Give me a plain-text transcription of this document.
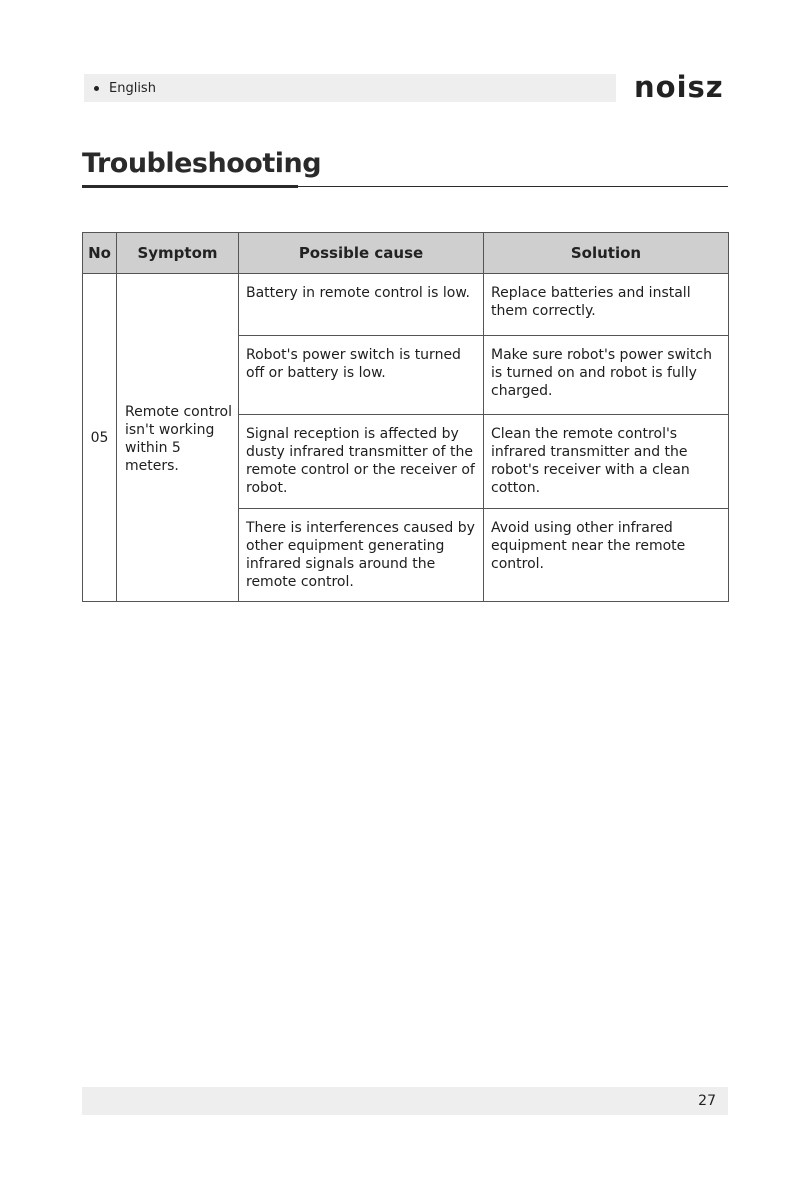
English	noisz
Troubleshooting
No	Symptom	Possible cause	Solution
05	Remote control isn't working within 5 meters.	Battery in remote control is low.	Replace batteries and install them correctly.
		Robot's power switch is turned off or battery is low.	Make sure robot's power switch is turned on and robot is fully charged.
		Signal reception is affected by dusty infrared transmitter of the remote control or the receiver of robot.	Clean the remote control's infrared transmitter and the robot's receiver with a clean cotton.
		There is interferences caused by other equipment generating infrared signals around the remote control.	Avoid using other infrared equipment near the remote control.
27
